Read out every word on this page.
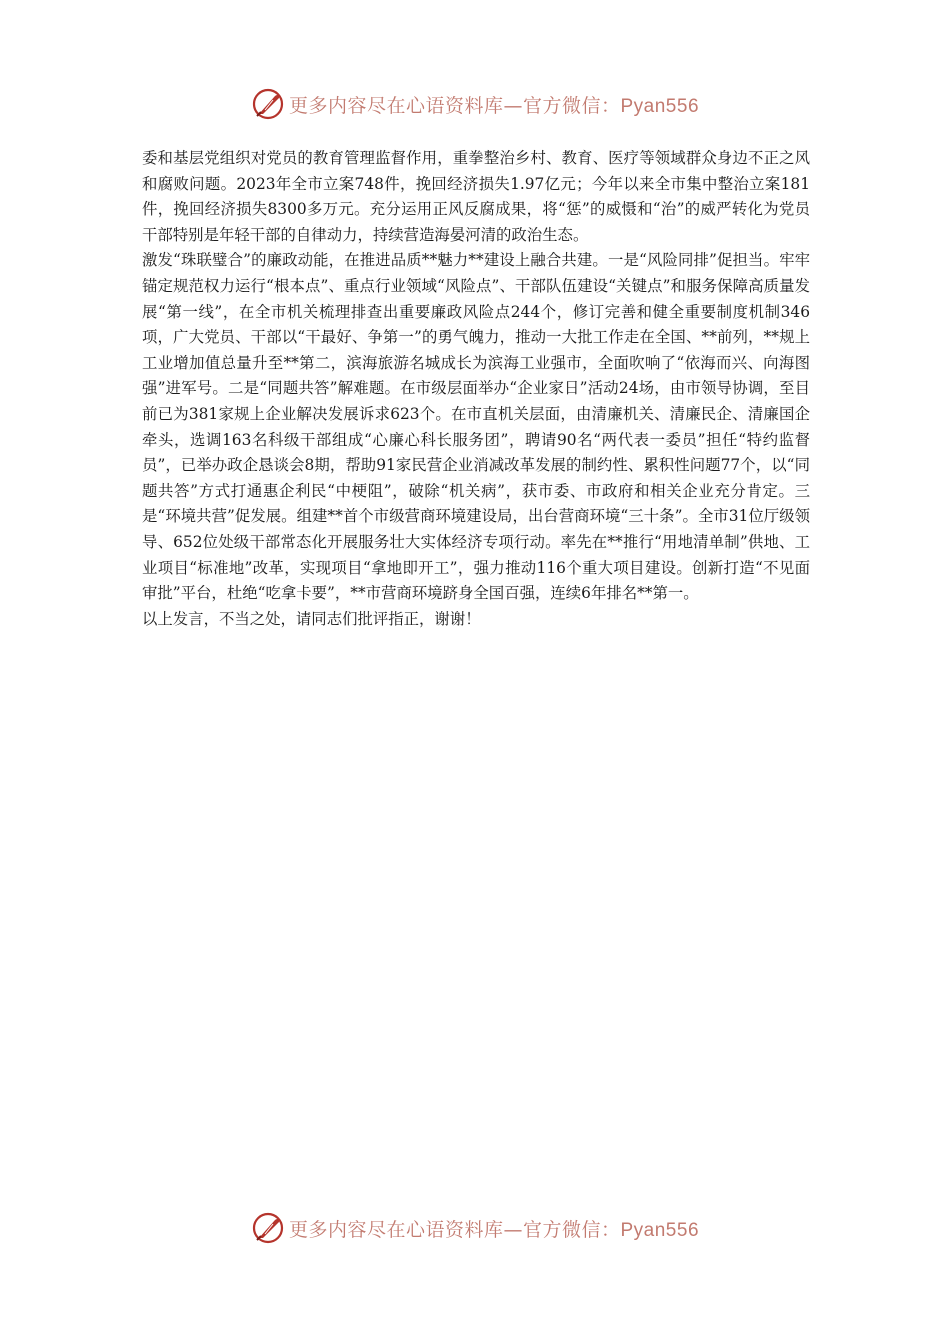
更多内容尽在心语资料库—官方微信：Pyan556

委和基层党组织对党员的教育管理监督作用，重拳整治乡村、教育、医疗等领域群众身边不正之风和腐败问题。2023年全市立案748件，挽回经济损失1.97亿元；今年以来全市集中整治立案181件，挽回经济损失8300多万元。充分运用正风反腐成果，将“惩”的威慑和“治”的威严转化为党员干部特别是年轻干部的自律动力，持续营造海晏河清的政治生态。

激发“珠联璧合”的廉政动能，在推进品质**魅力**建设上融合共建。一是“风险同排”促担当。牢牢锚定规范权力运行“根本点”、重点行业领域“风险点”、干部队伍建设“关键点”和服务保障高质量发展“第一线”，在全市机关梳理排查出重要廉政风险点244个，修订完善和健全重要制度机制346项，广大党员、干部以“干最好、争第一”的勇气魄力，推动一大批工作走在全国、**前列，**规上工业增加值总量升至**第二，滨海旅游名城成长为滨海工业强市，全面吹响了“依海而兴、向海图强”进军号。二是“同题共答”解难题。在市级层面举办“企业家日”活动24场，由市领导协调，至目前已为381家规上企业解决发展诉求623个。在市直机关层面，由清廉机关、清廉民企、清廉国企牵头，选调163名科级干部组成“心廉心科长服务团”，聘请90名“两代表一委员”担任“特约监督员”，已举办政企恳谈会8期，帮助91家民营企业消减改革发展的制约性、累积性问题77个，以“同题共答”方式打通惠企利民“中梗阻”，破除“机关病”，获市委、市政府和相关企业充分肯定。三是“环境共营”促发展。组建**首个市级营商环境建设局，出台营商环境“三十条”。全市31位厅级领导、652位处级干部常态化开展服务壮大实体经济专项行动。率先在**推行“用地清单制”供地、工业项目“标准地”改革，实现项目“拿地即开工”，强力推动116个重大项目建设。创新打造“不见面审批”平台，杜绝“吃拿卡要”，**市营商环境跻身全国百强，连续6年排名**第一。

以上发言，不当之处，请同志们批评指正，谢谢！

更多内容尽在心语资料库—官方微信：Pyan556
